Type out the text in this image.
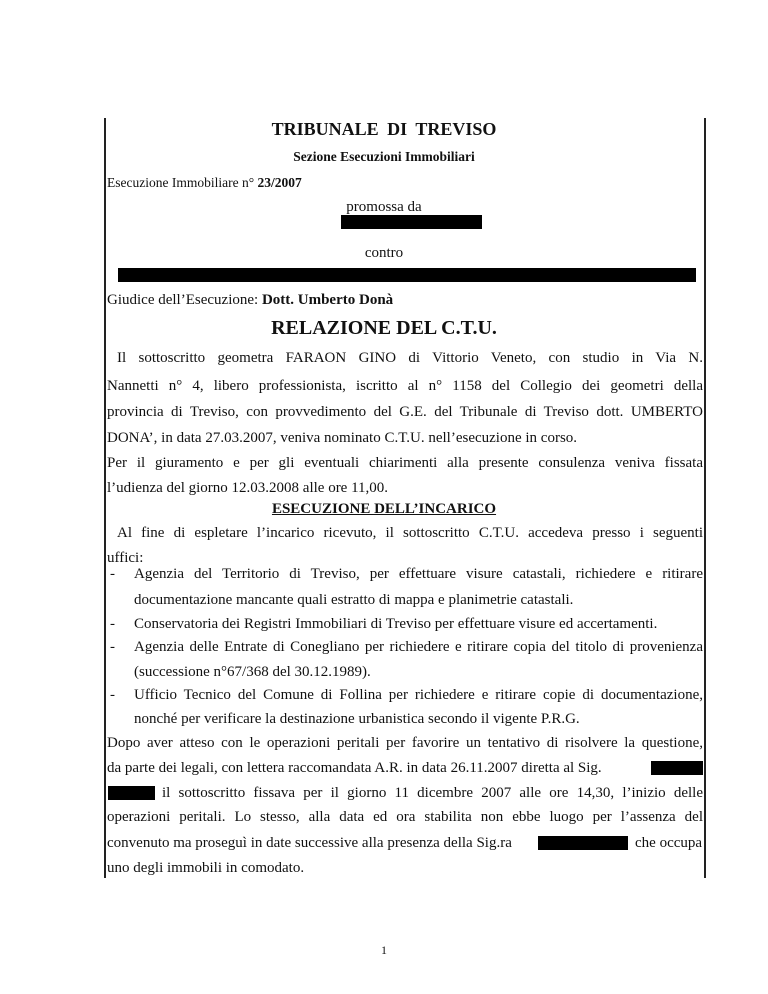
TRIBUNALE DI TREVISO
Sezione Esecuzioni Immobiliari
Esecuzione Immobiliare n° 23/2007
promossa da
contro
Giudice dell’Esecuzione: Dott. Umberto Donà
RELAZIONE DEL C.T.U.
Il sottoscritto geometra FARAON GINO di Vittorio Veneto, con studio in Via N.
Nannetti n° 4, libero professionista, iscritto al n° 1158 del Collegio dei geometri della
provincia di Treviso, con provvedimento del G.E. del Tribunale di Treviso dott. UMBERTO
DONA’, in data 27.03.2007, veniva nominato C.T.U. nell’esecuzione in corso.
Per il giuramento e per gli eventuali chiarimenti alla presente consulenza veniva fissata
l’udienza del giorno 12.03.2008 alle ore 11,00.
ESECUZIONE DELL’INCARICO
Al fine di espletare l’incarico ricevuto, il sottoscritto C.T.U. accedeva presso i seguenti
uffici:
- Agenzia del Territorio di Treviso, per effettuare visure catastali, richiedere e ritirare
documentazione mancante quali estratto di mappa e planimetrie catastali.
- Conservatoria dei Registri Immobiliari di Treviso per effettuare visure ed accertamenti.
- Agenzia delle Entrate di Conegliano per richiedere e ritirare copia del titolo di provenienza
(successione n°67/368 del 30.12.1989).
- Ufficio Tecnico del Comune di Follina per richiedere e ritirare copie di documentazione,
nonché per verificare la destinazione urbanistica secondo il vigente P.R.G.
Dopo aver atteso con le operazioni peritali per favorire un tentativo di risolvere la questione,
da parte dei legali, con lettera raccomandata A.R. in data 26.11.2007 diretta al Sig.
il sottoscritto fissava per il giorno 11 dicembre 2007 alle ore 14,30, l’inizio delle
operazioni peritali. Lo stesso, alla data ed ora stabilita non ebbe luogo per l’assenza del
convenuto ma proseguì in date successive alla presenza della Sig.ra	che occupa
uno degli immobili in comodato.
1
